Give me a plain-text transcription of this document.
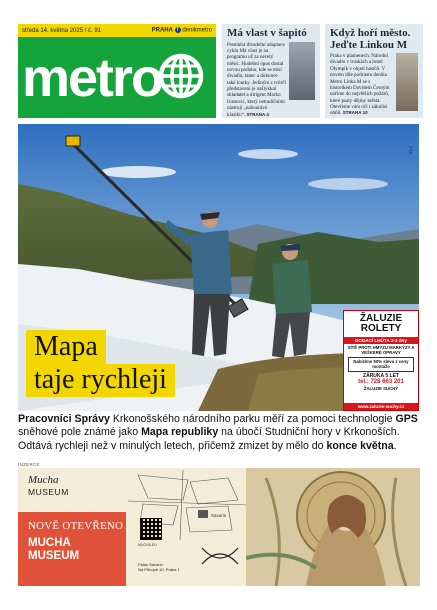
středa 14. května 2025 / č. 91	PRAHA f denikmetro
metro
Má vlast v šapitó

Premiéra divadelní adaptace cyklu Má vlast je na programu už za necelý měsíc. Hudební opus dostal novou podobu, kde se mísí divadlo, tanec a dokonce také loutky. Jediným z tvůrčí představení je našlykkal skladatel a dirigent Marko Ivanović, který netradičními nástroji „nabourává klasiku“. STRANA 4

Když hoří město. Jeďte Linkou M

Praha v plamenech. Národní divadlo v troskách a hotel Olympik v objetí hasičů. V novém díle podcastu deníku Metro Linka M se s historikem Davidem Černým noříme do největších požárů, které psaly dějiny města. Otevřeme vám oči i zákulisí ohňů. STRANA 10

FTK
Mapa
taje rychleji
ŽALUZIE
ROLETY
DODACÍ LHŮTA 2-3 dny
SÍTĚ PROTI HMYZU MARKÝZY A VEŠKERÉ OPRAVY
Nabízíme 50% slevu z ceny montáže
ZÁRUKA 5 LET
tel.: 728 663 201
ŽALUZIE SUCHÝ
www.zaluzie-suchy.cz
Pracovníci Správy Krkonošského národního parku měří za pomoci technologie GPS sněhové pole známé jako Mapa republiky na úbočí Studniční hory v Krkonoších. Odtává rychleji než v minulých letech, přičemž zmizet by mělo do konce května.
INZERCE
Mucha
MUSEUM
Savarin
NOVĚ OTEVŘENO
MUCHA
MUSEUM
MUCHA.EU
Palác Savarin
Na Příkopě 10, Praha 1
